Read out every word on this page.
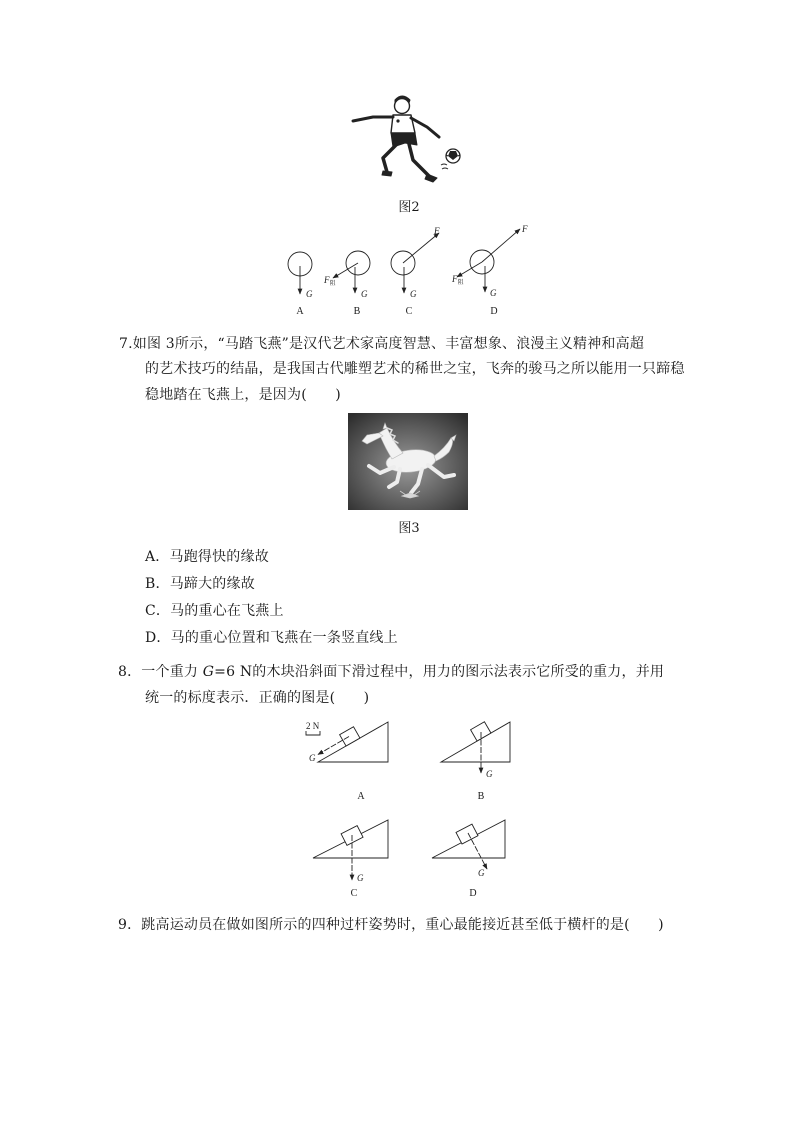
图2
G	G	G	G
F	F
$F_阻$	$F_阻$
A	B	C	D
7.如图 3所示，“马踏飞燕”是汉代艺术家高度智慧、丰富想象、浪漫主义精神和高超
的艺术技巧的结晶，是我国古代雕塑艺术的稀世之宝，飞奔的骏马之所以能用一只蹄稳
稳地踏在飞燕上，是因为(　　)
图3
A．马跑得快的缘故
B．马蹄大的缘故
C．马的重心在飞燕上
D．马的重心位置和飞燕在一条竖直线上
8．一个重力 G=6 N的木块沿斜面下滑过程中，用力的图示法表示它所受的重力，并用
统一的标度表示．正确的图是(　　)
2 N
G
G
G	G
A	B
C	D
9．跳高运动员在做如图所示的四种过杆姿势时，重心最能接近甚至低于横杆的是(　　)
